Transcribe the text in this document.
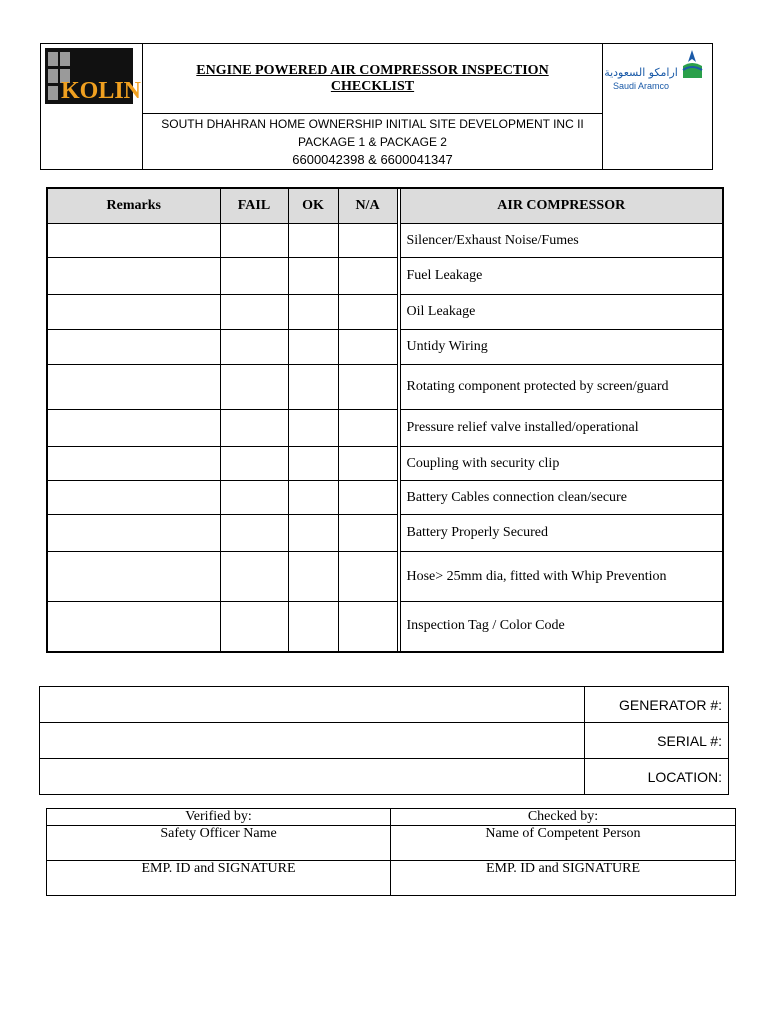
KOLIN
ENGINE POWERED AIR COMPRESSOR INSPECTION CHECKLIST
SOUTH DHAHRAN HOME OWNERSHIP INITIAL SITE DEVELOPMENT INC II
PACKAGE 1 & PACKAGE 2
6600042398 & 6600041347
ارامكو السعودية
Saudi Aramco
Remarks	FAIL	OK	N/A		AIR COMPRESSOR
					Silencer/Exhaust Noise/Fumes
					Fuel Leakage
					Oil Leakage
					Untidy Wiring
					Rotating component protected by screen/guard
					Pressure relief valve installed/operational
					Coupling with security clip
					Battery Cables connection clean/secure
					Battery Properly Secured
					Hose> 25mm dia, fitted with Whip Prevention
					Inspection Tag / Color Code
	GENERATOR #:
	SERIAL #:
	LOCATION:
Verified by:	Checked by:
Safety Officer Name	Name of Competent Person
EMP. ID and SIGNATURE	EMP. ID and SIGNATURE
